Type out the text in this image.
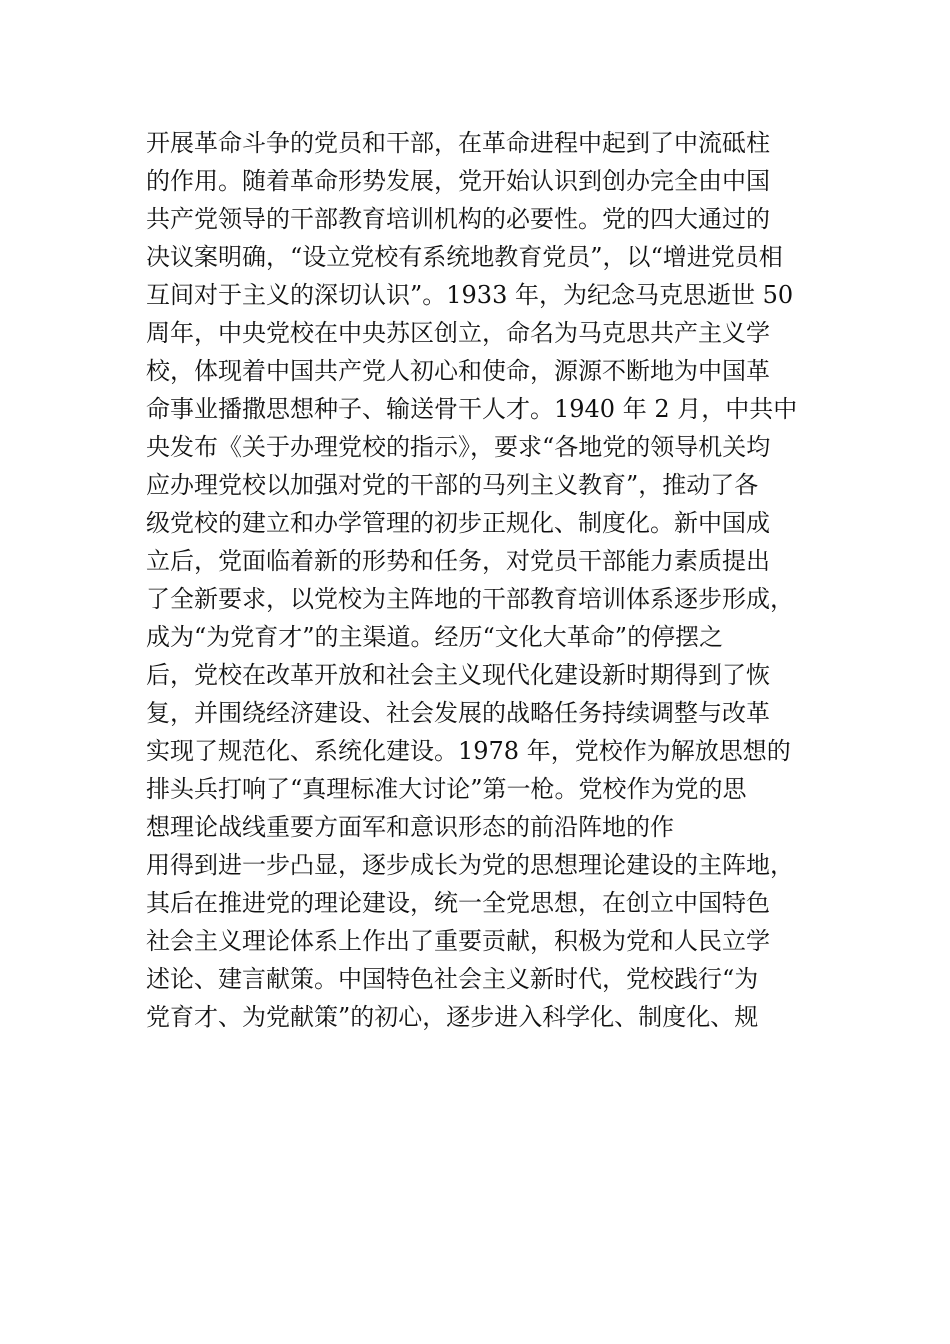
开展革命斗争的党员和干部，在革命进程中起到了中流砥柱
的作用。随着革命形势发展，党开始认识到创办完全由中国
共产党领导的干部教育培训机构的必要性。党的四大通过的
决议案明确，“设立党校有系统地教育党员”，以“增进党员相
互间对于主义的深切认识”。1933 年，为纪念马克思逝世 50
周年，中央党校在中央苏区创立，命名为马克思共产主义学
校，体现着中国共产党人初心和使命，源源不断地为中国革
命事业播撒思想种子、输送骨干人才。1940 年 2 月，中共中
央发布《关于办理党校的指示》，要求“各地党的领导机关均
应办理党校以加强对党的干部的马列主义教育”，推动了各
级党校的建立和办学管理的初步正规化、制度化。新中国成
立后，党面临着新的形势和任务，对党员干部能力素质提出
了全新要求，以党校为主阵地的干部教育培训体系逐步形成，
成为“为党育才”的主渠道。经历“文化大革命”的停摆之
后，党校在改革开放和社会主义现代化建设新时期得到了恢
复，并围绕经济建设、社会发展的战略任务持续调整与改革
实现了规范化、系统化建设。1978 年，党校作为解放思想的
排头兵打响了“真理标准大讨论”第一枪。党校作为党的思
想理论战线重要方面军和意识形态的前沿阵地的作
用得到进一步凸显，逐步成长为党的思想理论建设的主阵地，
其后在推进党的理论建设，统一全党思想，在创立中国特色
社会主义理论体系上作出了重要贡献，积极为党和人民立学
述论、建言献策。中国特色社会主义新时代，党校践行“为
党育才、为党献策”的初心，逐步进入科学化、制度化、规
